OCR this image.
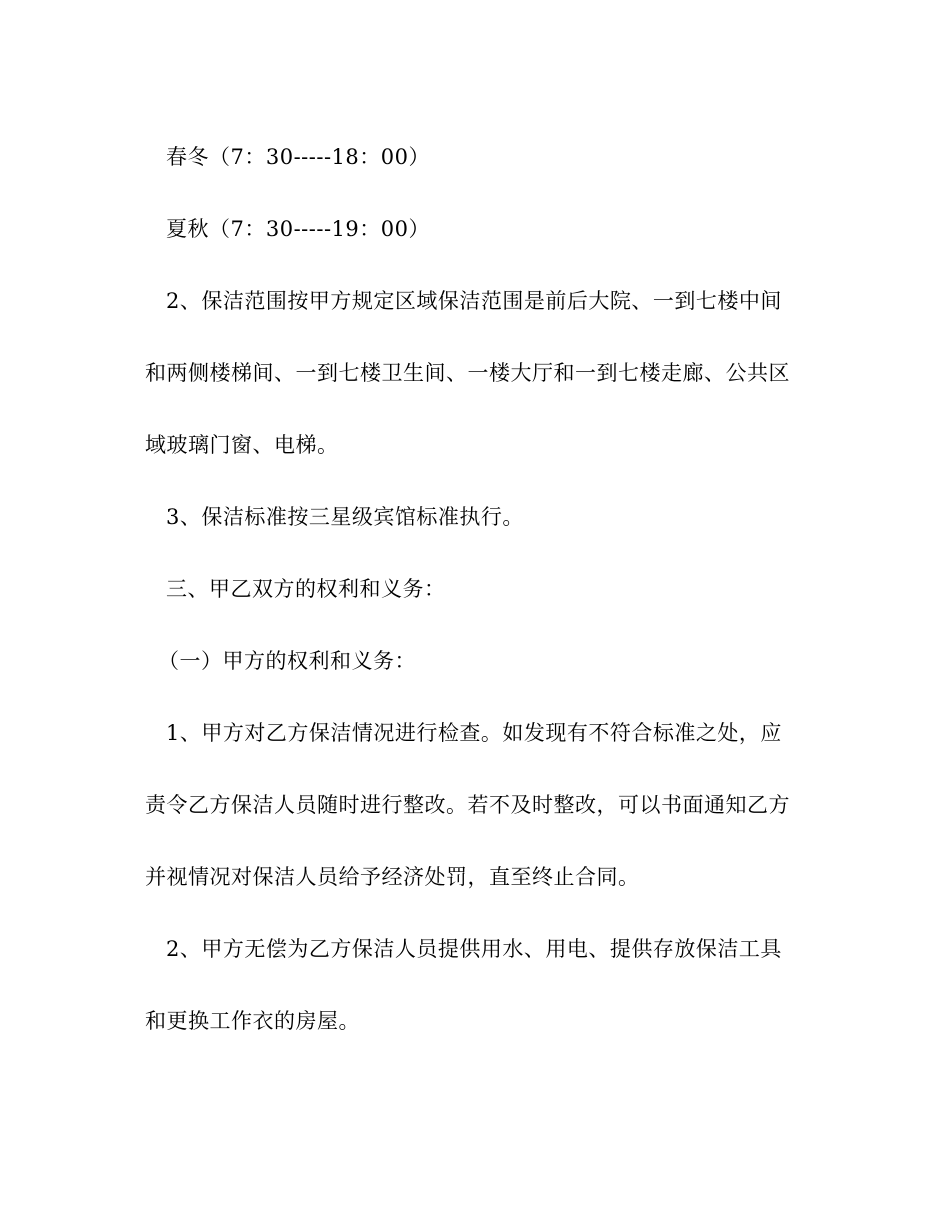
春冬（7：30-----18：00）
夏秋（7：30-----19：00）
2、保洁范围按甲方规定区域保洁范围是前后大院、一到七楼中间
和两侧楼梯间、一到七楼卫生间、一楼大厅和一到七楼走廊、公共区
域玻璃门窗、电梯。
3、保洁标准按三星级宾馆标准执行。
三、甲乙双方的权利和义务：
（一）甲方的权利和义务：
1、甲方对乙方保洁情况进行检查。如发现有不符合标准之处，应
责令乙方保洁人员随时进行整改。若不及时整改，可以书面通知乙方
并视情况对保洁人员给予经济处罚，直至终止合同。
2、甲方无偿为乙方保洁人员提供用水、用电、提供存放保洁工具
和更换工作衣的房屋。
